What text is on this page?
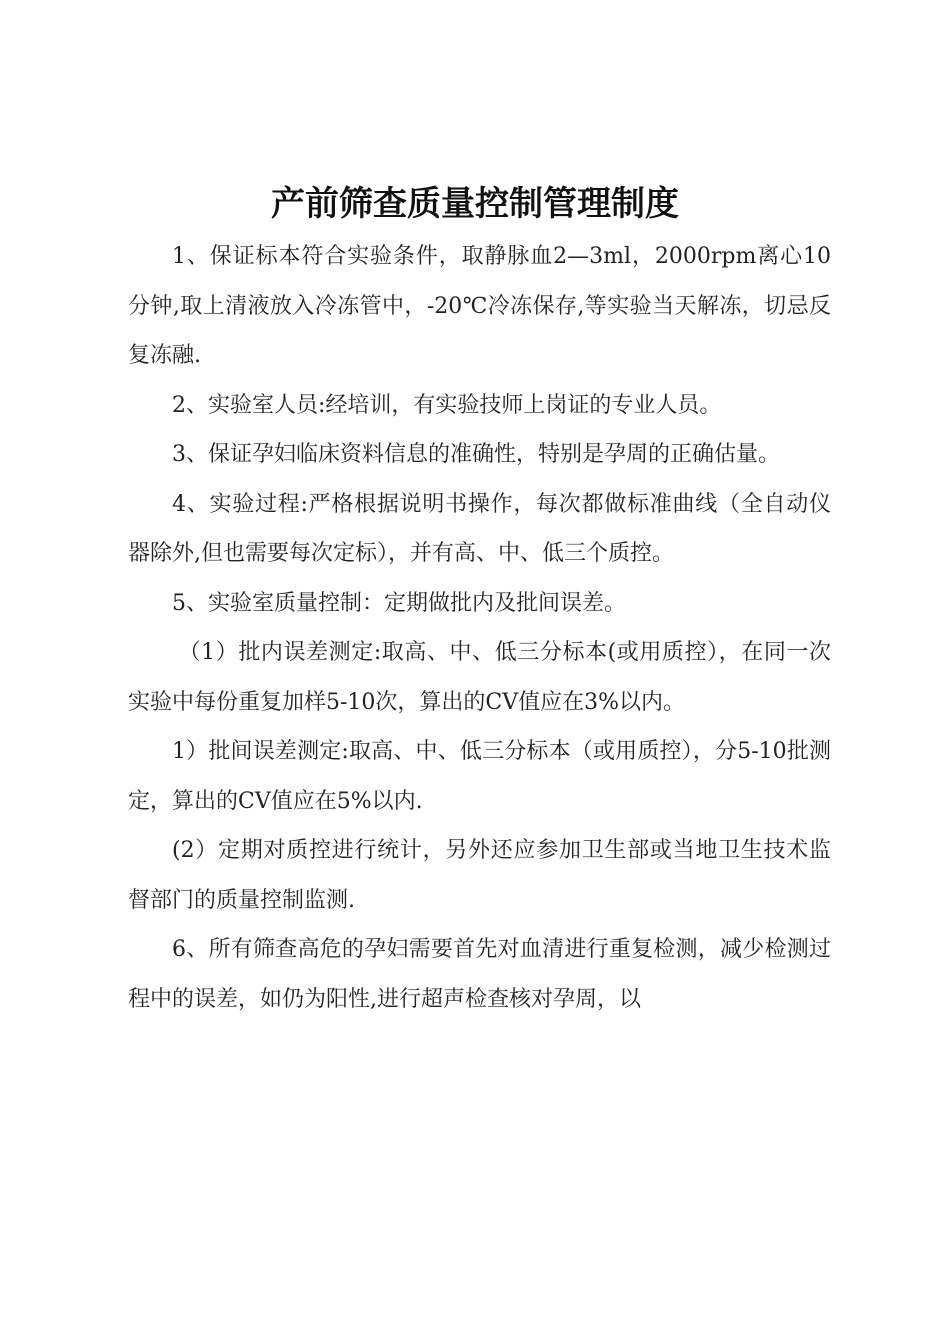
产前筛查质量控制管理制度

1、保证标本符合实验条件，取静脉血2—3ml，2000rpm离心10分钟,取上清液放入冷冻管中，-20℃冷冻保存,等实验当天解冻，切忌反复冻融.

2、实验室人员:经培训，有实验技师上岗证的专业人员。

3、保证孕妇临床资料信息的准确性，特别是孕周的正确估量。

4、实验过程:严格根据说明书操作，每次都做标准曲线（全自动仪器除外,但也需要每次定标），并有高、中、低三个质控。

5、实验室质量控制：定期做批内及批间误差。

（1）批内误差测定:取高、中、低三分标本(或用质控），在同一次实验中每份重复加样5-10次，算出的CV值应在3%以内。

1）批间误差测定:取高、中、低三分标本（或用质控），分5-10批测定，算出的CV值应在5%以内.

(2）定期对质控进行统计，另外还应参加卫生部或当地卫生技术监督部门的质量控制监测.

6、所有筛查高危的孕妇需要首先对血清进行重复检测，减少检测过程中的误差，如仍为阳性,进行超声检查核对孕周，以
